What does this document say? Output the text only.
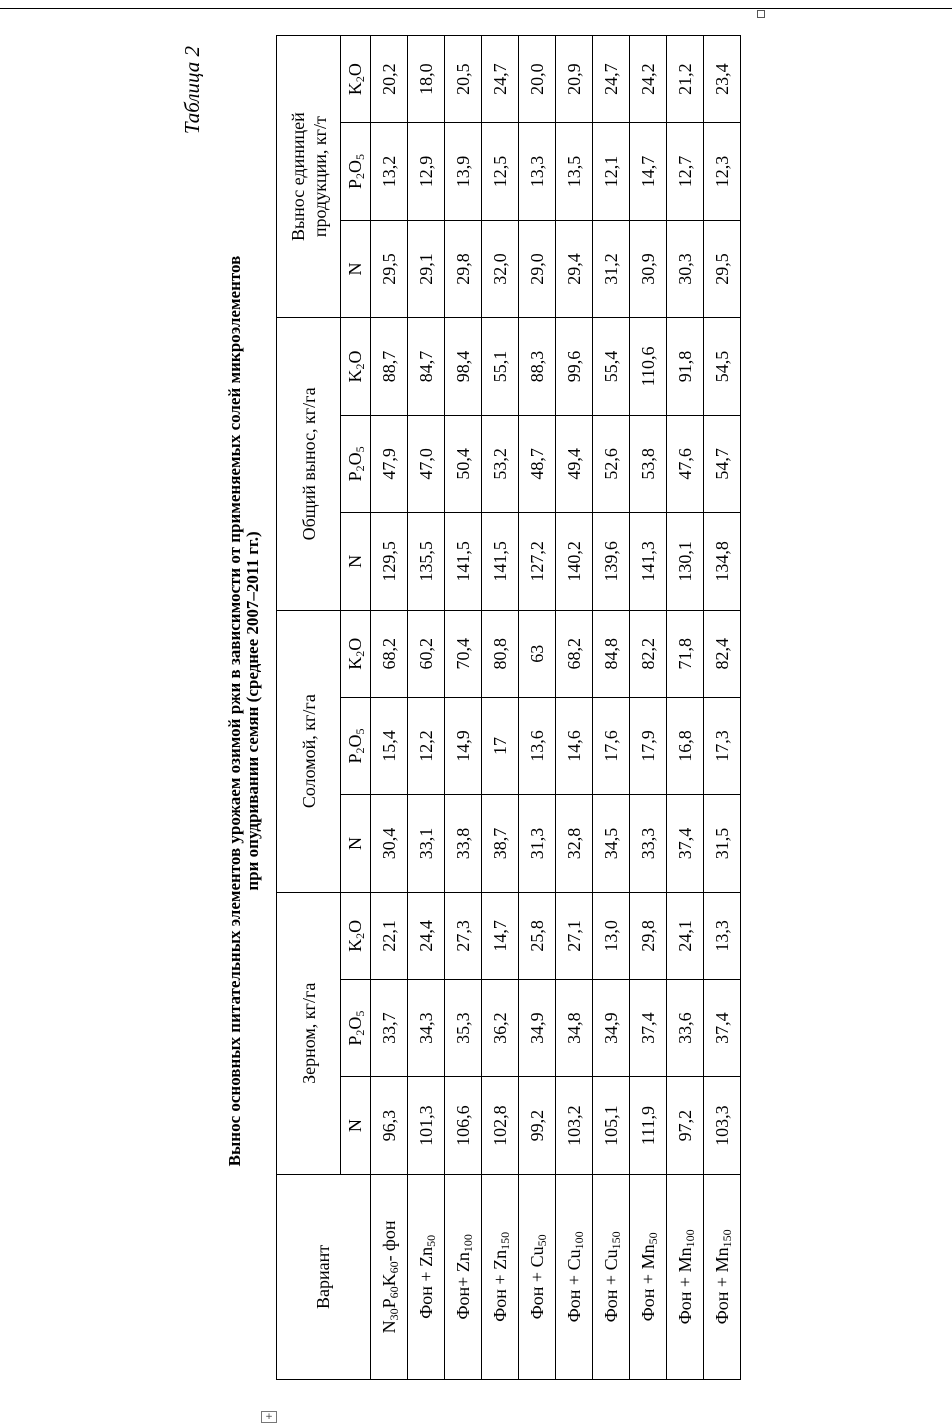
+
Таблица 2
Вынос основных питательных элементов урожаем озимой ржи в зависимости от применяемых солей микроэлементов при опудривании семян (среднее 2007–2011 гг.)
Вариант	Зерном, кг/га			Соломой, кг/га			Общий вынос, кг/га			Вынос единицей продукции, кг/т		
	N	P2O5	K2O	N	P2O5	K2O	N	P2O5	K2O	N	P2O5	K2O
N30P60K60- фон	96,3	33,7	22,1	30,4	15,4	68,2	129,5	47,9	88,7	29,5	13,2	20,2
Фон + Zn50	101,3	34,3	24,4	33,1	12,2	60,2	135,5	47,0	84,7	29,1	12,9	18,0
Фон+ Zn100	106,6	35,3	27,3	33,8	14,9	70,4	141,5	50,4	98,4	29,8	13,9	20,5
Фон + Zn150	102,8	36,2	14,7	38,7	17	80,8	141,5	53,2	55,1	32,0	12,5	24,7
Фон + Cu50	99,2	34,9	25,8	31,3	13,6	63	127,2	48,7	88,3	29,0	13,3	20,0
Фон + Cu100	103,2	34,8	27,1	32,8	14,6	68,2	140,2	49,4	99,6	29,4	13,5	20,9
Фон + Cu150	105,1	34,9	13,0	34,5	17,6	84,8	139,6	52,6	55,4	31,2	12,1	24,7
Фон + Mn50	111,9	37,4	29,8	33,3	17,9	82,2	141,3	53,8	110,6	30,9	14,7	24,2
Фон + Mn100	97,2	33,6	24,1	37,4	16,8	71,8	130,1	47,6	91,8	30,3	12,7	21,2
Фон + Mn150	103,3	37,4	13,3	31,5	17,3	82,4	134,8	54,7	54,5	29,5	12,3	23,4
